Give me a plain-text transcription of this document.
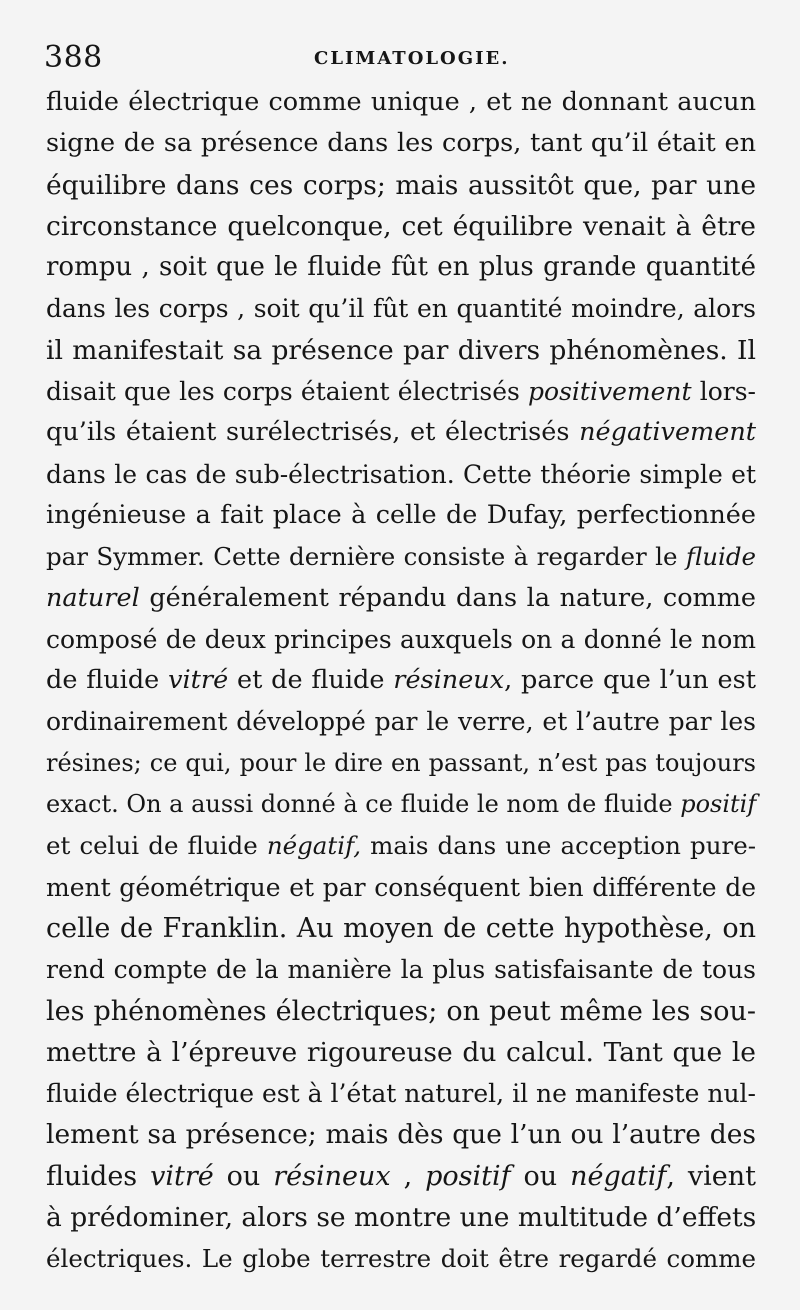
388	CLIMATOLOGIE.
fluide électrique comme unique , et ne donnant aucun
signe de sa présence dans les corps, tant qu’il était en
équilibre dans ces corps; mais aussitôt que, par une
circonstance quelconque, cet équilibre venait à être
rompu , soit que le fluide fût en plus grande quantité
dans les corps , soit qu’il fût en quantité moindre, alors
il manifestait sa présence par divers phénomènes. Il
disait que les corps étaient électrisés positivement lors-
qu’ils étaient surélectrisés, et électrisés négativement
dans le cas de sub-électrisation. Cette théorie simple et
ingénieuse a fait place à celle de Dufay, perfectionnée
par Symmer. Cette dernière consiste à regarder le fluide
naturel généralement répandu dans la nature, comme
composé de deux principes auxquels on a donné le nom
de fluide vitré et de fluide résineux, parce que l’un est
ordinairement développé par le verre, et l’autre par les
résines; ce qui, pour le dire en passant, n’est pas toujours
exact. On a aussi donné à ce fluide le nom de fluide positif
et celui de fluide négatif, mais dans une acception pure-
ment géométrique et par conséquent bien différente de
celle de Franklin. Au moyen de cette hypothèse, on
rend compte de la manière la plus satisfaisante de tous
les phénomènes électriques; on peut même les sou-
mettre à l’épreuve rigoureuse du calcul. Tant que le
fluide électrique est à l’état naturel, il ne manifeste nul-
lement sa présence; mais dès que l’un ou l’autre des
fluides vitré ou résineux , positif ou négatif, vient
à prédominer, alors se montre une multitude d’effets
électriques. Le globe terrestre doit être regardé comme
